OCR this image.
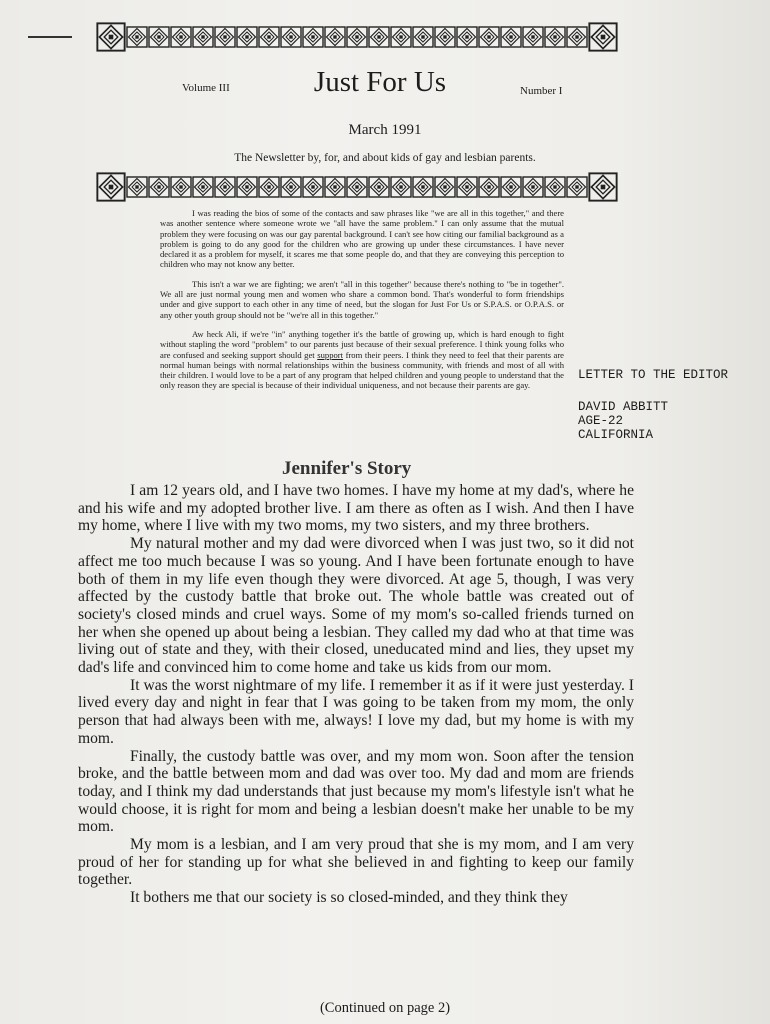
Volume III	Just For Us	Number I
March 1991
The Newsletter by, for, and about kids of gay and lesbian parents.

I was reading the bios of some of the contacts and saw phrases like "we are all in this together," and there was another sentence where someone wrote we "all have the same problem." I can only assume that the mutual problem they were focusing on was our gay parental background. I can't see how citing our familial background as a problem is going to do any good for the children who are growing up under these circumstances. I have never declared it as a problem for myself, it scares me that some people do, and that they are conveying this perception to children who may not know any better.

This isn't a war we are fighting; we aren't "all in this together" because there's nothing to "be in together". We all are just normal young men and women who share a common bond. That's wonderful to form friendships under and give support to each other in any time of need, but the slogan for Just For Us or S.P.A.S. or O.P.A.S. or any other youth group should not be "we're all in this together."

Aw heck Ali, if we're "in" anything together it's the battle of growing up, which is hard enough to fight without stapling the word "problem" to our parents just because of their sexual preference. I think young folks who are confused and seeking support should get support from their peers. I think they need to feel that their parents are normal human beings with normal relationships within the business community, with friends and most of all with their children. I would love to be a part of any program that helped children and young people to understand that the only reason they are special is because of their individual uniqueness, and not because their parents are gay.

LETTER TO THE EDITOR
DAVID ABBITT
AGE-22
CALIFORNIA
Jennifer's Story

I am 12 years old, and I have two homes. I have my home at my dad's, where he and his wife and my adopted brother live. I am there as often as I wish. And then I have my home, where I live with my two moms, my two sisters, and my three brothers.

My natural mother and my dad were divorced when I was just two, so it did not affect me too much because I was so young. And I have been fortunate enough to have both of them in my life even though they were divorced. At age 5, though, I was very affected by the custody battle that broke out. The whole battle was created out of society's closed minds and cruel ways. Some of my mom's so-called friends turned on her when she opened up about being a lesbian. They called my dad who at that time was living out of state and they, with their closed, uneducated mind and lies, they upset my dad's life and convinced him to come home and take us kids from our mom.

It was the worst nightmare of my life. I remember it as if it were just yesterday. I lived every day and night in fear that I was going to be taken from my mom, the only person that had always been with me, always! I love my dad, but my home is with my mom.

Finally, the custody battle was over, and my mom won. Soon after the tension broke, and the battle between mom and dad was over too. My dad and mom are friends today, and I think my dad understands that just because my mom's lifestyle isn't what he would choose, it is right for mom and being a lesbian doesn't make her unable to be my mom.

My mom is a lesbian, and I am very proud that she is my mom, and I am very proud of her for standing up for what she believed in and fighting to keep our family together.

It bothers me that our society is so closed-minded, and they think they

(Continued on page 2)
